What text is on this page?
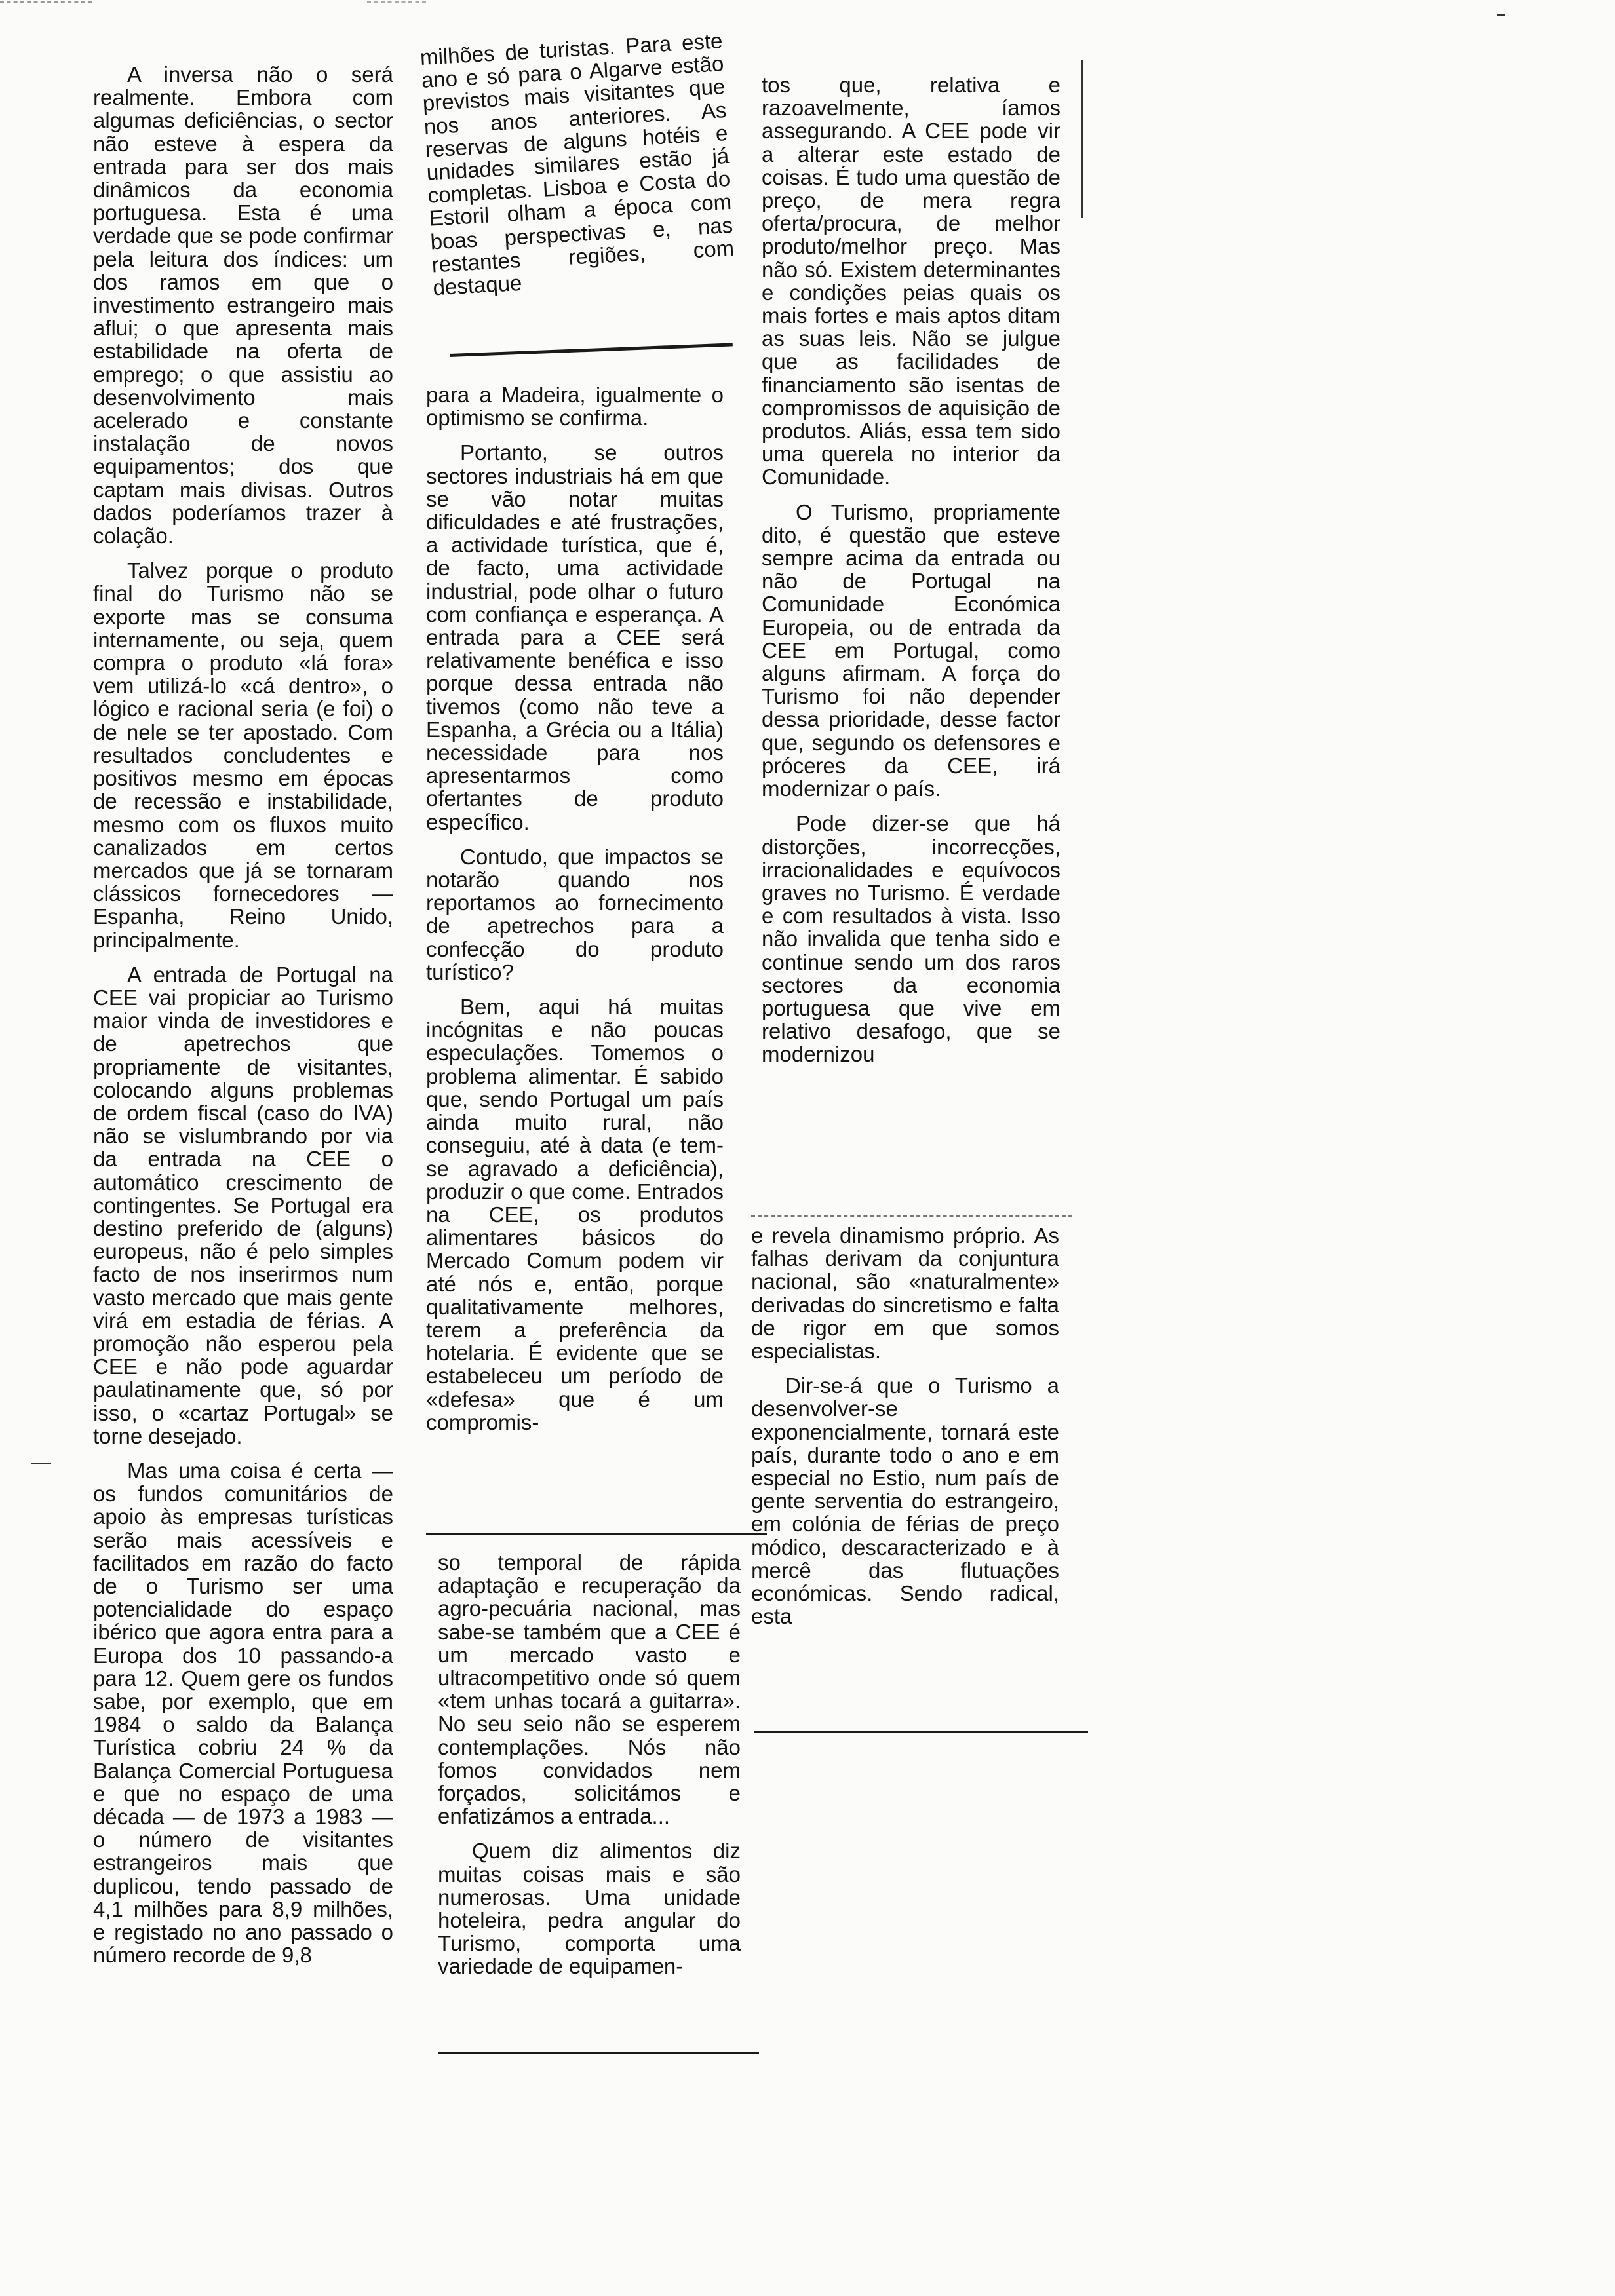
A inversa não o será realmente. Embora com algumas deficiências, o sector não esteve à espera da entrada para ser dos mais dinâmicos da economia portuguesa. Esta é uma verdade que se pode confirmar pela leitura dos índices: um dos ramos em que o investimento estrangeiro mais aflui; o que apresenta mais estabilidade na oferta de emprego; o que assistiu ao desenvolvimento mais acelerado e constante instalação de novos equipamentos; dos que captam mais divisas. Outros dados poderíamos trazer à colação.

Talvez porque o produto final do Turismo não se exporte mas se consuma internamente, ou seja, quem compra o produto «lá fora» vem utilizá-lo «cá dentro», o lógico e racional seria (e foi) o de nele se ter apostado. Com resultados concludentes e positivos mesmo em épocas de recessão e instabilidade, mesmo com os fluxos muito canalizados em certos mercados que já se tornaram clássicos fornecedores — Espanha, Reino Unido, principalmente.

A entrada de Portugal na CEE vai propiciar ao Turismo maior vinda de investidores e de apetrechos que propriamente de visitantes, colocando alguns problemas de ordem fiscal (caso do IVA) não se vislumbrando por via da entrada na CEE o automático crescimento de contingentes. Se Portugal era destino preferido de (alguns) europeus, não é pelo simples facto de nos inserirmos num vasto mercado que mais gente virá em estadia de férias. A promoção não esperou pela CEE e não pode aguardar paulatinamente que, só por isso, o «cartaz Portugal» se torne desejado.

Mas uma coisa é certa — os fundos comunitários de apoio às empresas turísticas serão mais acessíveis e facilitados em razão do facto de o Turismo ser uma potencialidade do espaço ibérico que agora entra para a Europa dos 10 passando-a para 12. Quem gere os fundos sabe, por exemplo, que em 1984 o saldo da Balança Turística cobriu 24 % da Balança Comercial Portuguesa e que no espaço de uma década — de 1973 a 1983 — o número de visitantes estrangeiros mais que duplicou, tendo passado de 4,1 milhões para 8,9 milhões, e registado no ano passado o número recorde de 9,8

milhões de turistas. Para este ano e só para o Algarve estão previstos mais visitantes que nos anos anteriores. As reservas de alguns hotéis e unidades similares estão já completas. Lisboa e Costa do Estoril olham a época com boas perspectivas e, nas restantes regiões, com destaque

para a Madeira, igualmente o optimismo se confirma.

Portanto, se outros sectores industriais há em que se vão notar muitas dificuldades e até frustrações, a actividade turística, que é, de facto, uma actividade industrial, pode olhar o futuro com confiança e esperança. A entrada para a CEE será relativamente benéfica e isso porque dessa entrada não tivemos (como não teve a Espanha, a Grécia ou a Itália) necessidade para nos apresentarmos como ofertantes de produto específico.

Contudo, que impactos se notarão quando nos reportamos ao fornecimento de apetrechos para a confecção do produto turístico?

Bem, aqui há muitas incógnitas e não poucas especulações. Tomemos o problema alimentar. É sabido que, sendo Portugal um país ainda muito rural, não conseguiu, até à data (e tem-se agravado a deficiência), produzir o que come. Entrados na CEE, os produtos alimentares básicos do Mercado Comum podem vir até nós e, então, porque qualitativamente melhores, terem a preferência da hotelaria. É evidente que se estabeleceu um período de «defesa» que é um compromis-

so temporal de rápida adaptação e recuperação da agro-pecuária nacional, mas sabe-se também que a CEE é um mercado vasto e ultracompetitivo onde só quem «tem unhas tocará a guitarra». No seu seio não se esperem contemplações. Nós não fomos convidados nem forçados, solicitámos e enfatizámos a entrada...

Quem diz alimentos diz muitas coisas mais e são numerosas. Uma unidade hoteleira, pedra angular do Turismo, comporta uma variedade de equipamen-

tos que, relativa e razoavelmente, íamos assegurando. A CEE pode vir a alterar este estado de coisas. É tudo uma questão de preço, de mera regra oferta/procura, de melhor produto/melhor preço. Mas não só. Existem determinantes e condições peias quais os mais fortes e mais aptos ditam as suas leis. Não se julgue que as facilidades de financiamento são isentas de compromissos de aquisição de produtos. Aliás, essa tem sido uma querela no interior da Comunidade.

O Turismo, propriamente dito, é questão que esteve sempre acima da entrada ou não de Portugal na Comunidade Económica Europeia, ou de entrada da CEE em Portugal, como alguns afirmam. A força do Turismo foi não depender dessa prioridade, desse factor que, segundo os defensores e próceres da CEE, irá modernizar o país.

Pode dizer-se que há distorções, incorrecções, irracionalidades e equívocos graves no Turismo. É verdade e com resultados à vista. Isso não invalida que tenha sido e continue sendo um dos raros sectores da economia portuguesa que vive em relativo desafogo, que se modernizou

e revela dinamismo próprio. As falhas derivam da conjuntura nacional, são «naturalmente» derivadas do sincretismo e falta de rigor em que somos especialistas.

Dir-se-á que o Turismo a desenvolver-se exponencialmente, tornará este país, durante todo o ano e em especial no Estio, num país de gente serventia do estrangeiro, em colónia de férias de preço módico, descaracterizado e à mercê das flutuações económicas. Sendo radical, esta
